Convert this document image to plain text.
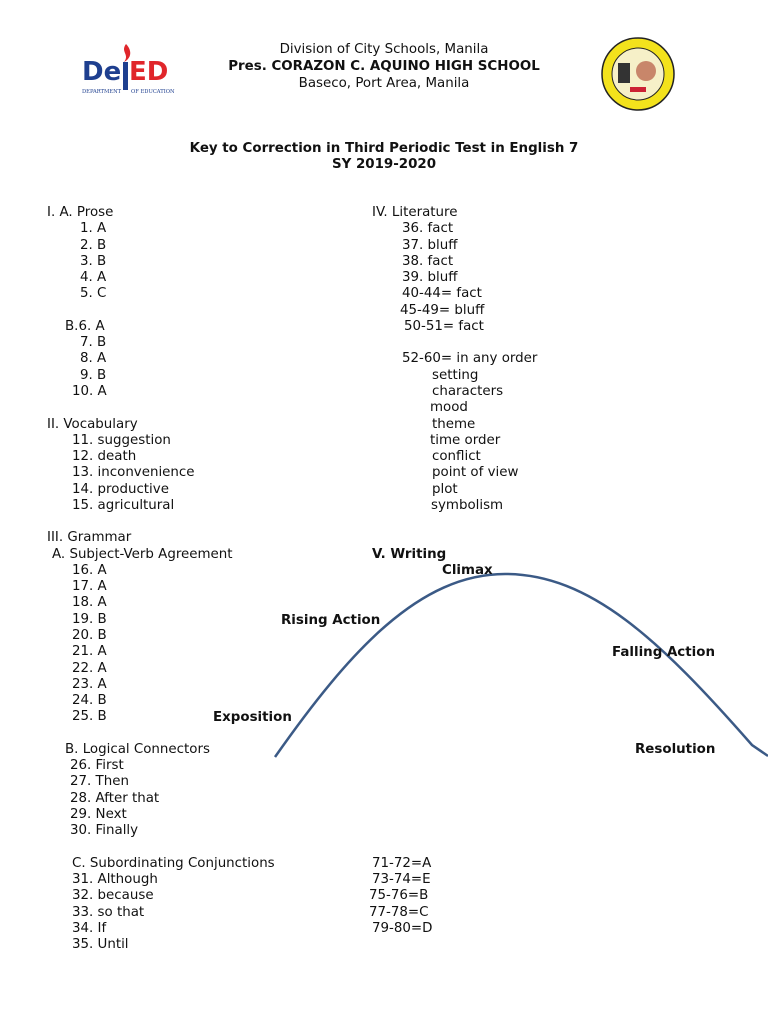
De ED
DEPARTMENT OF EDUCATION
Division of City Schools, Manila
Pres. CORAZON C. AQUINO HIGH SCHOOL
Baseco, Port Area, Manila
Key to Correction in Third Periodic Test in English 7
SY 2019-2020
I. A. Prose
1. A
2. B
3. B
4. A
5. C
B.6. A
7. B
8. A
9. B
10. A
II. Vocabulary
11. suggestion
12. death
13. inconvenience
14. productive
15. agricultural
III. Grammar
A. Subject-Verb Agreement
16. A
17. A
18. A
19. B
20. B
21. A
22. A
23. A
24. B
25. B
B. Logical Connectors
26. First
27. Then
28. After that
29. Next
30. Finally
C. Subordinating Conjunctions
31. Although
32. because
33. so that
34. If
35. Until
IV. Literature
36. fact
37. bluff
38. fact
39. bluff
40-44= fact
45-49= bluff
50-51= fact
52-60= in any order
setting
characters
mood
theme
time order
conflict
point of view
plot
symbolism
V. Writing
71-72=A
73-74=E
75-76=B
77-78=C
79-80=D
Climax
Rising Action
Falling Action
Exposition
Resolution
